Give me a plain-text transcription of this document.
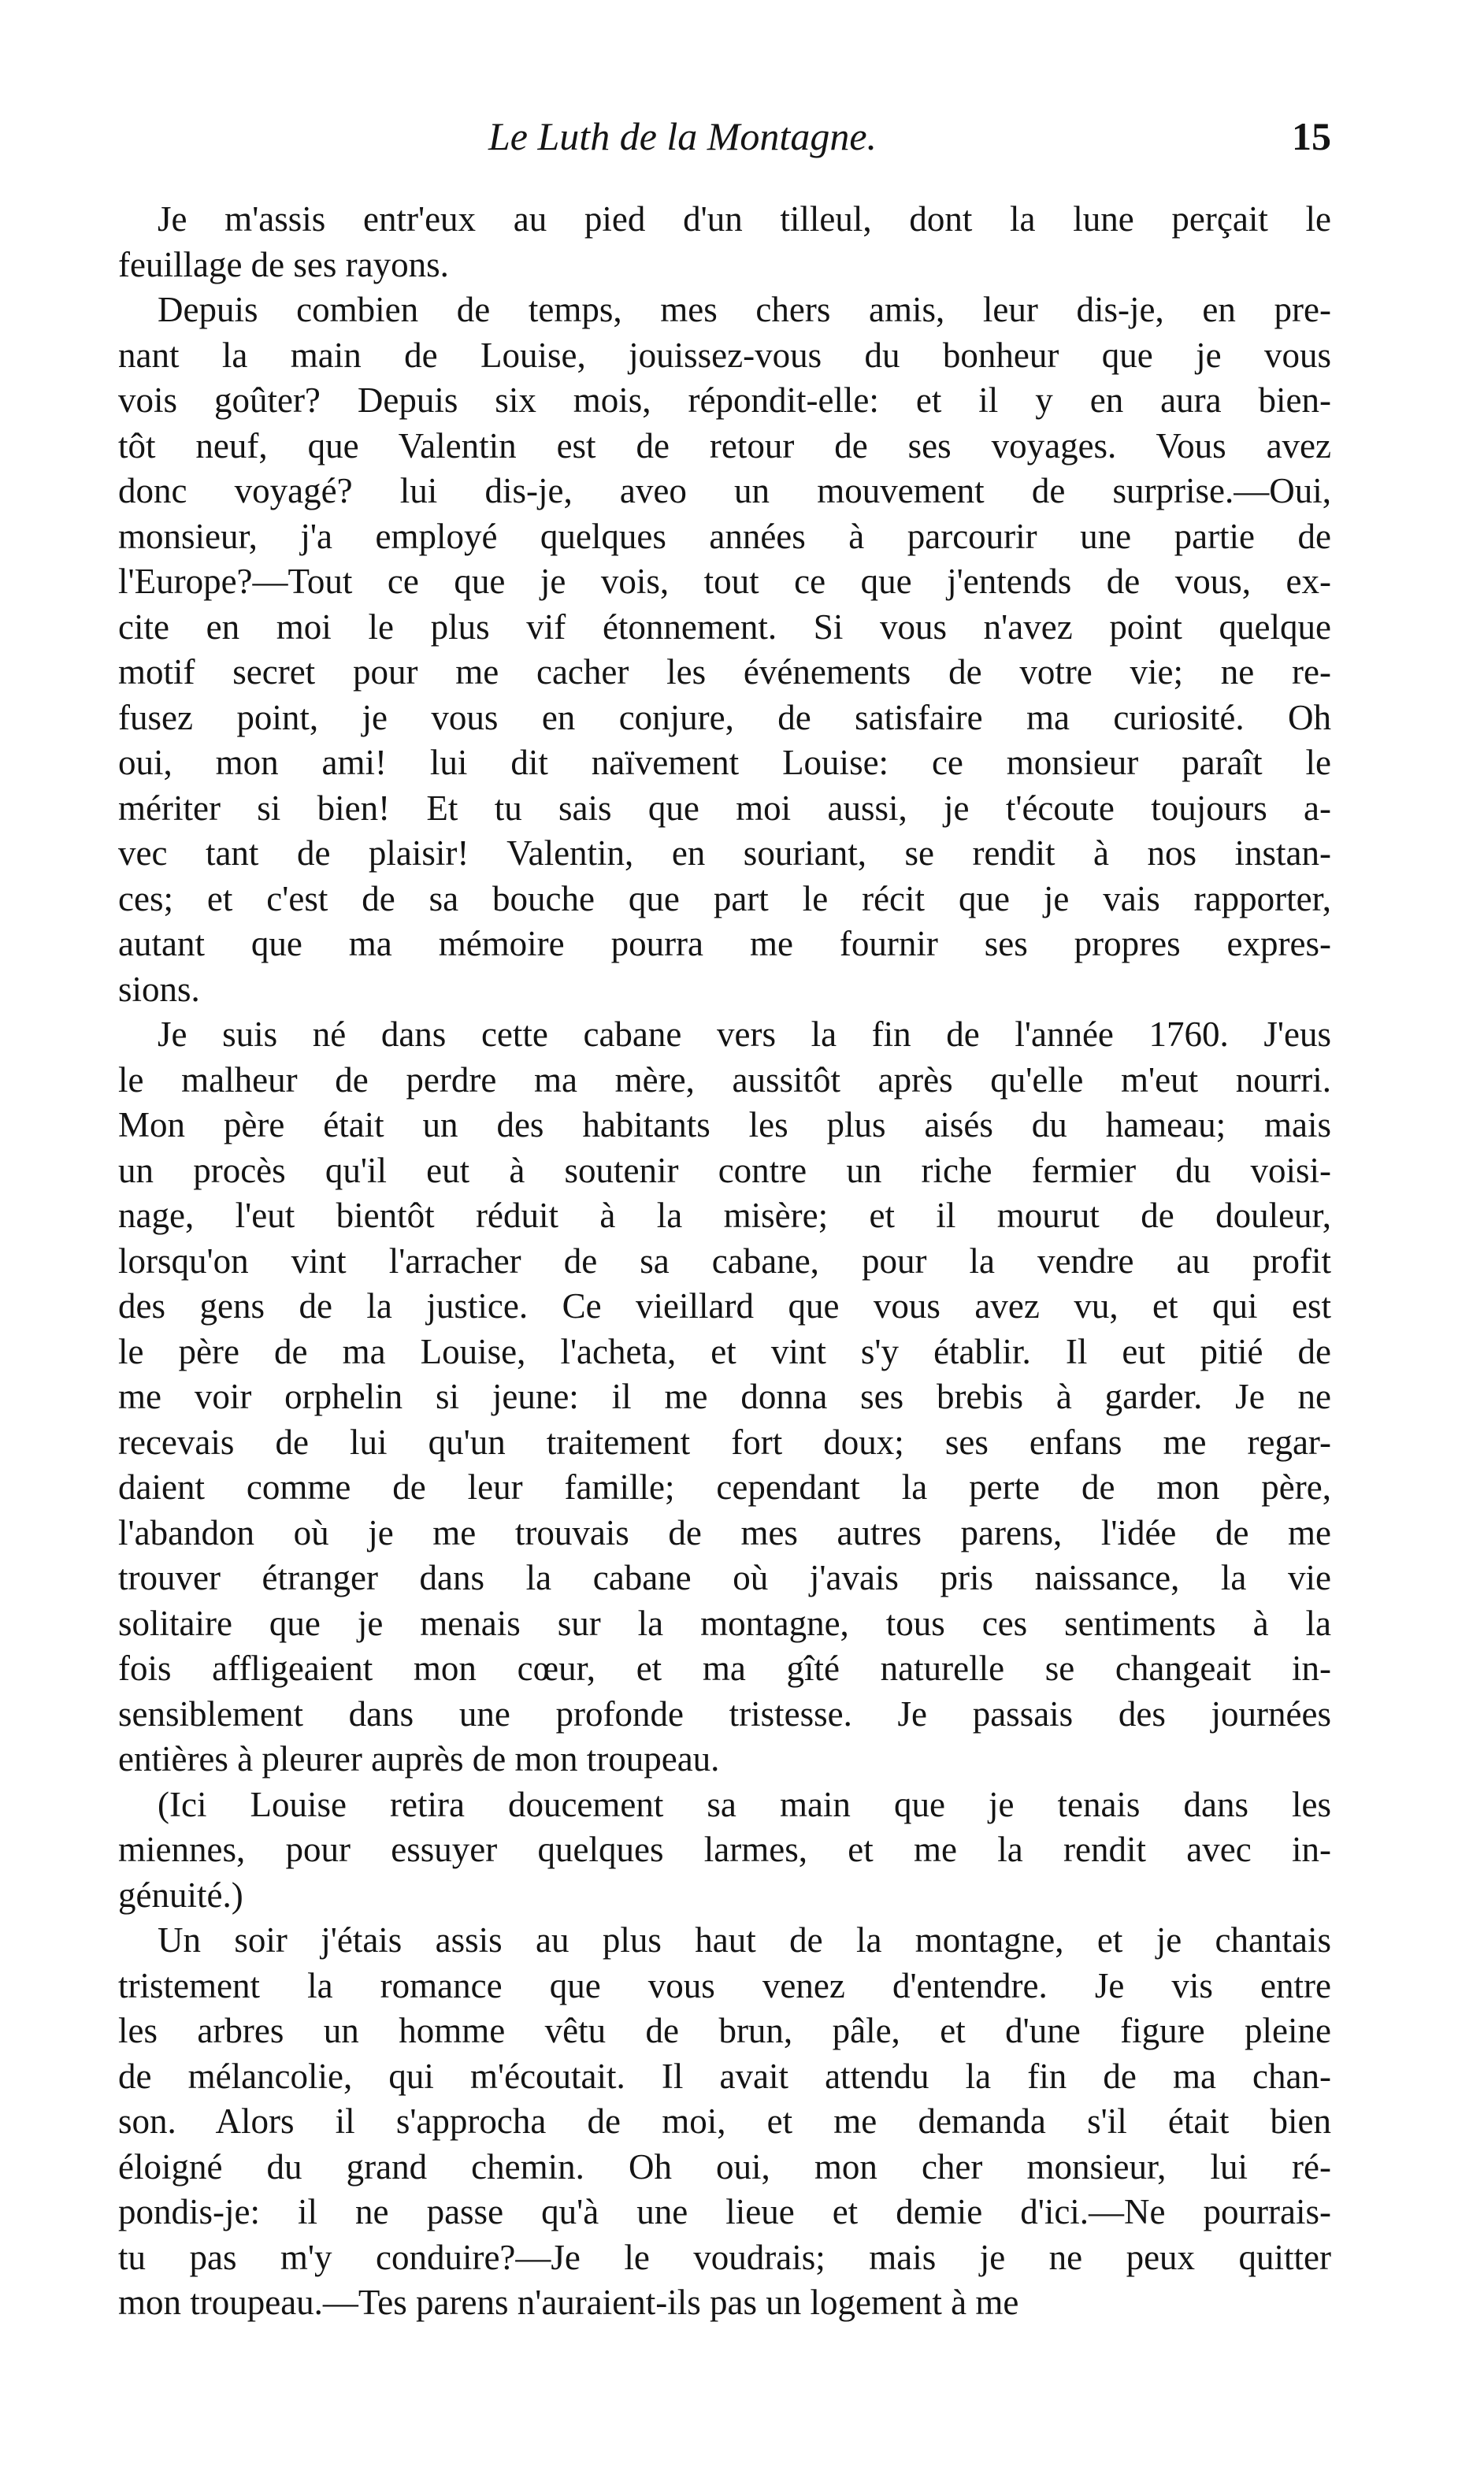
Le Luth de la Montagne.	15
Je m'assis entr'eux au pied d'un tilleul, dont la lune perçait le
feuillage de ses rayons.
Depuis combien de temps, mes chers amis, leur dis-je, en pre-
nant la main de Louise, jouissez-vous du bonheur que je vous
vois goûter? Depuis six mois, répondit-elle: et il y en aura bien-
tôt neuf, que Valentin est de retour de ses voyages. Vous avez
donc voyagé? lui dis-je, aveo un mouvement de surprise.—Oui,
monsieur, j'a employé quelques années à parcourir une partie de
l'Europe?—Tout ce que je vois, tout ce que j'entends de vous, ex-
cite en moi le plus vif étonnement. Si vous n'avez point quelque
motif secret pour me cacher les événements de votre vie; ne re-
fusez point, je vous en conjure, de satisfaire ma curiosité. Oh
oui, mon ami! lui dit naïvement Louise: ce monsieur paraît le
mériter si bien! Et tu sais que moi aussi, je t'écoute toujours a-
vec tant de plaisir! Valentin, en souriant, se rendit à nos instan-
ces; et c'est de sa bouche que part le récit que je vais rapporter,
autant que ma mémoire pourra me fournir ses propres expres-
sions.
Je suis né dans cette cabane vers la fin de l'année 1760. J'eus
le malheur de perdre ma mère, aussitôt après qu'elle m'eut nourri.
Mon père était un des habitants les plus aisés du hameau; mais
un procès qu'il eut à soutenir contre un riche fermier du voisi-
nage, l'eut bientôt réduit à la misère; et il mourut de douleur,
lorsqu'on vint l'arracher de sa cabane, pour la vendre au profit
des gens de la justice. Ce vieillard que vous avez vu, et qui est
le père de ma Louise, l'acheta, et vint s'y établir. Il eut pitié de
me voir orphelin si jeune: il me donna ses brebis à garder. Je ne
recevais de lui qu'un traitement fort doux; ses enfans me regar-
daient comme de leur famille; cependant la perte de mon père,
l'abandon où je me trouvais de mes autres parens, l'idée de me
trouver étranger dans la cabane où j'avais pris naissance, la vie
solitaire que je menais sur la montagne, tous ces sentiments à la
fois affligeaient mon cœur, et ma gîté naturelle se changeait in-
sensiblement dans une profonde tristesse. Je passais des journées
entières à pleurer auprès de mon troupeau.
(Ici Louise retira doucement sa main que je tenais dans les
miennes, pour essuyer quelques larmes, et me la rendit avec in-
génuité.)
Un soir j'étais assis au plus haut de la montagne, et je chantais
tristement la romance que vous venez d'entendre. Je vis entre
les arbres un homme vêtu de brun, pâle, et d'une figure pleine
de mélancolie, qui m'écoutait. Il avait attendu la fin de ma chan-
son. Alors il s'approcha de moi, et me demanda s'il était bien
éloigné du grand chemin. Oh oui, mon cher monsieur, lui ré-
pondis-je: il ne passe qu'à une lieue et demie d'ici.—Ne pourrais-
tu pas m'y conduire?—Je le voudrais; mais je ne peux quitter
mon troupeau.—Tes parens n'auraient-ils pas un logement à me
